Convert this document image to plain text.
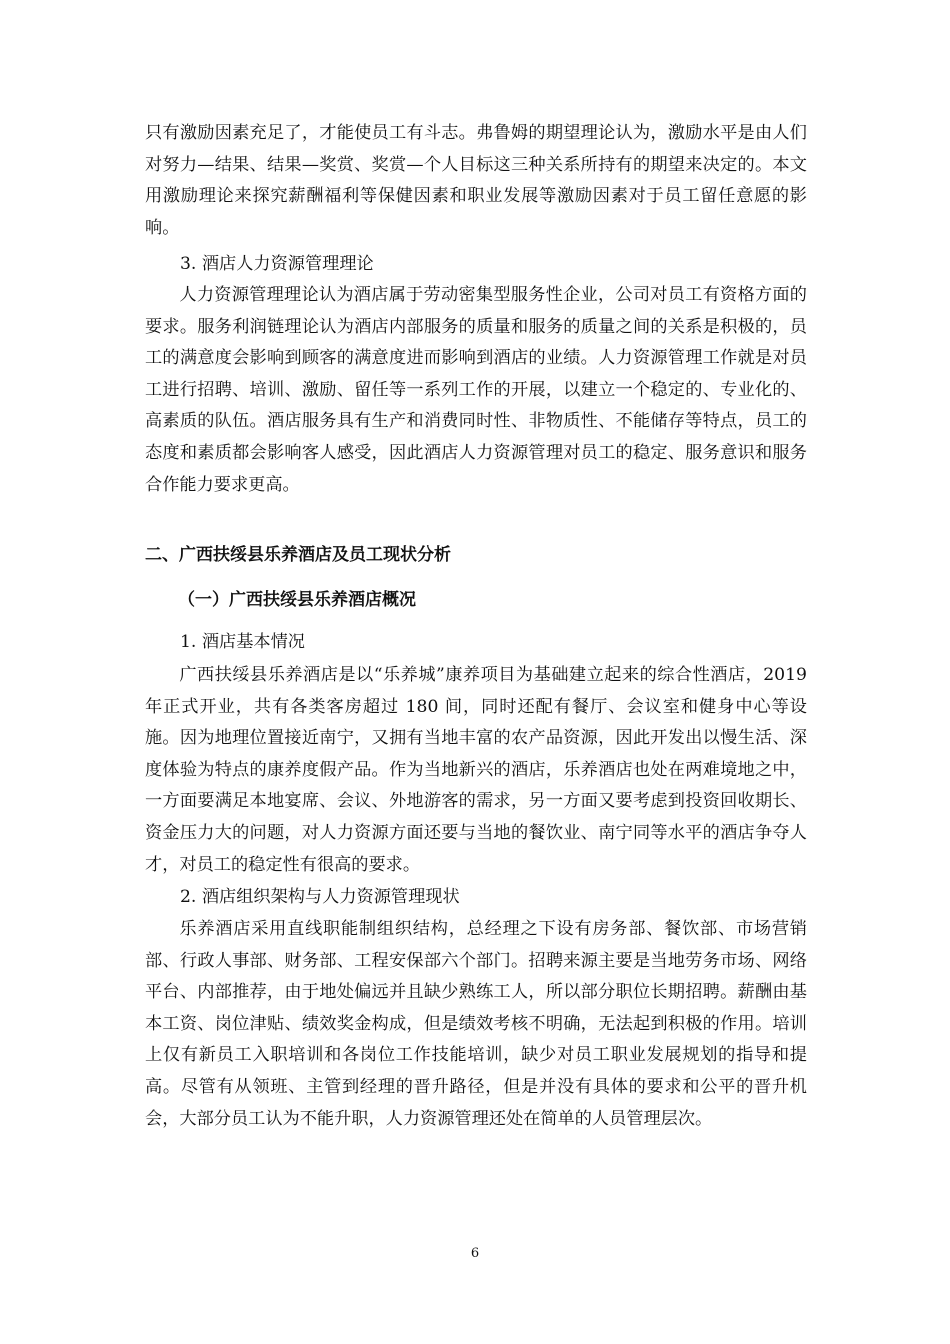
只有激励因素充足了，才能使员工有斗志。弗鲁姆的期望理论认为，激励水平是由人们对努力—结果、结果—奖赏、奖赏—个人目标这三种关系所持有的期望来决定的。本文用激励理论来探究薪酬福利等保健因素和职业发展等激励因素对于员工留任意愿的影响。

3. 酒店人力资源管理理论

人力资源管理理论认为酒店属于劳动密集型服务性企业，公司对员工有资格方面的要求。服务利润链理论认为酒店内部服务的质量和服务的质量之间的关系是积极的，员工的满意度会影响到顾客的满意度进而影响到酒店的业绩。人力资源管理工作就是对员工进行招聘、培训、激励、留任等一系列工作的开展，以建立一个稳定的、专业化的、高素质的队伍。酒店服务具有生产和消费同时性、非物质性、不能储存等特点，员工的态度和素质都会影响客人感受，因此酒店人力资源管理对员工的稳定、服务意识和服务合作能力要求更高。

二、广西扶绥县乐养酒店及员工现状分析
（一）广西扶绥县乐养酒店概况

1. 酒店基本情况

广西扶绥县乐养酒店是以“乐养城”康养项目为基础建立起来的综合性酒店，2019 年正式开业，共有各类客房超过 180 间，同时还配有餐厅、会议室和健身中心等设施。因为地理位置接近南宁，又拥有当地丰富的农产品资源，因此开发出以慢生活、深度体验为特点的康养度假产品。作为当地新兴的酒店，乐养酒店也处在两难境地之中，一方面要满足本地宴席、会议、外地游客的需求，另一方面又要考虑到投资回收期长、资金压力大的问题，对人力资源方面还要与当地的餐饮业、南宁同等水平的酒店争夺人才，对员工的稳定性有很高的要求。

2. 酒店组织架构与人力资源管理现状

乐养酒店采用直线职能制组织结构，总经理之下设有房务部、餐饮部、市场营销部、行政人事部、财务部、工程安保部六个部门。招聘来源主要是当地劳务市场、网络平台、内部推荐，由于地处偏远并且缺少熟练工人，所以部分职位长期招聘。薪酬由基本工资、岗位津贴、绩效奖金构成，但是绩效考核不明确，无法起到积极的作用。培训上仅有新员工入职培训和各岗位工作技能培训，缺少对员工职业发展规划的指导和提高。尽管有从领班、主管到经理的晋升路径，但是并没有具体的要求和公平的晋升机会，大部分员工认为不能升职，人力资源管理还处在简单的人员管理层次。

6
